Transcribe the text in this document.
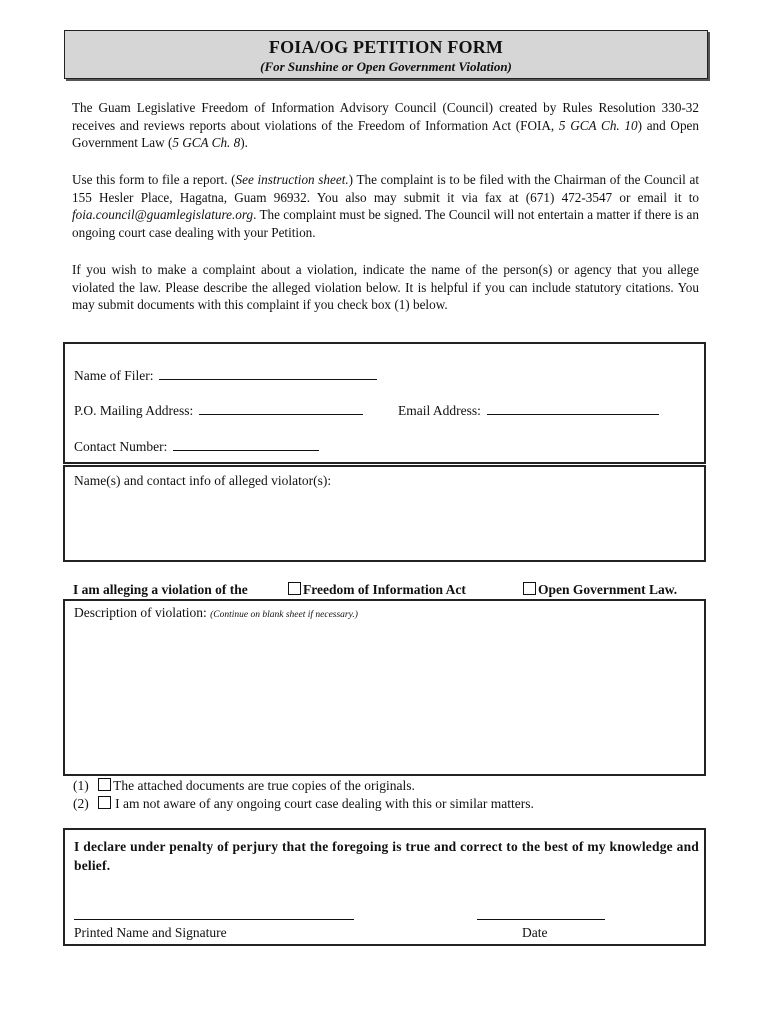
FOIA/OG PETITION FORM
(For Sunshine or Open Government Violation)
The Guam Legislative Freedom of Information Advisory Council (Council) created by Rules Resolution 330-32 receives and reviews reports about violations of the Freedom of Information Act (FOIA, 5 GCA Ch. 10) and Open Government Law (5 GCA Ch. 8).
Use this form to file a report. (See instruction sheet.) The complaint is to be filed with the Chairman of the Council at 155 Hesler Place, Hagatna, Guam 96932. You also may submit it via fax at (671) 472-3547 or email it to foia.council@guamlegislature.org. The complaint must be signed. The Council will not entertain a matter if there is an ongoing court case dealing with your Petition.
If you wish to make a complaint about a violation, indicate the name of the person(s) or agency that you allege violated the law. Please describe the alleged violation below. It is helpful if you can include statutory citations. You may submit documents with this complaint if you check box (1) below.
Name of Filer:
P.O. Mailing Address:	Email Address:
Contact Number:
Name(s) and contact info of alleged violator(s):
I am alleging a violation of the	Freedom of Information Act	Open Government Law.
Description of violation: (Continue on blank sheet if necessary.)
(1) The attached documents are true copies of the originals.
(2) I am not aware of any ongoing court case dealing with this or similar matters.
I declare under penalty of perjury that the foregoing is true and correct to the best of my knowledge and belief.
Printed Name and Signature	Date
